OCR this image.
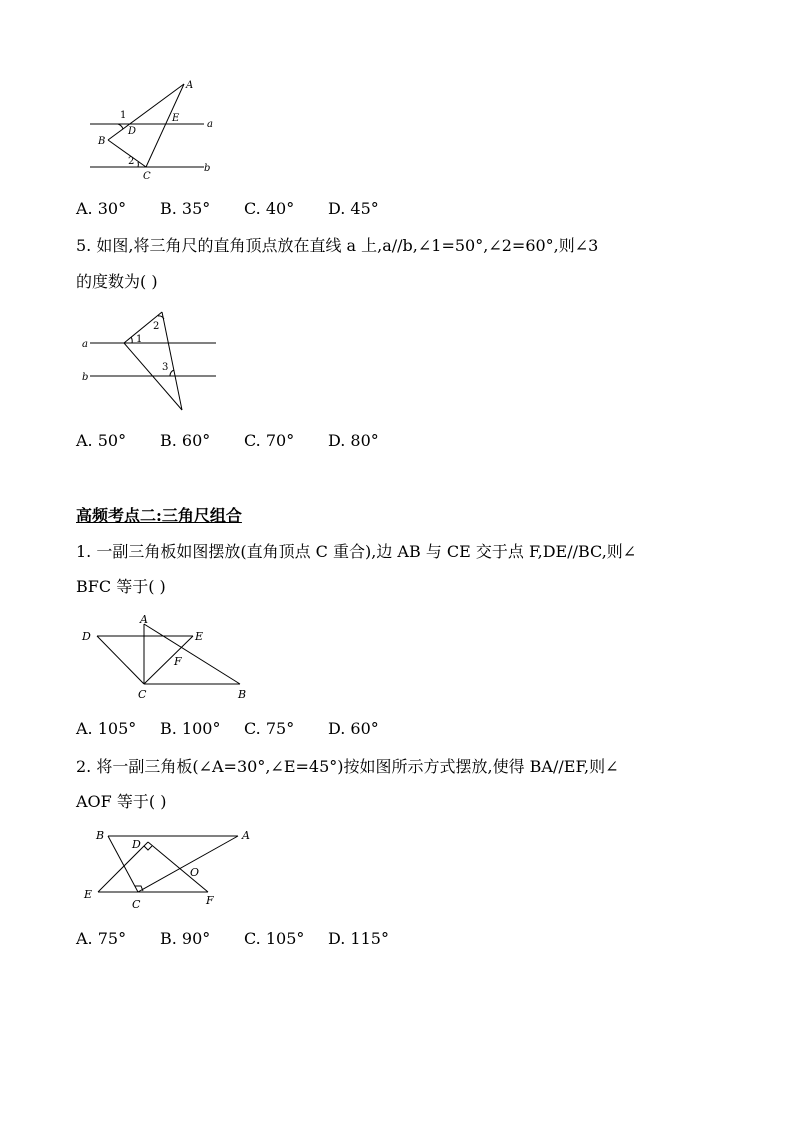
A
E
a
1
D
B
2
C
b
A. 30° B. 35° C. 40° D. 45°
5. 如图,将三角尺的直角顶点放在直线 a 上,a//b,∠1=50°,∠2=60°,则∠3
的度数为( )
a
b
1
2
3
A. 50° B. 60° C. 70° D. 80°
高频考点二:三角尺组合
1. 一副三角板如图摆放(直角顶点 C 重合),边 AB 与 CE 交于点 F,DE//BC,则∠
BFC 等于( )
A
D	E
F
C	B
A. 105° B. 100° C. 75° D. 60°
2. 将一副三角板(∠A=30°,∠E=45°)按如图所示方式摆放,使得 BA//EF,则∠
AOF 等于( )
B	A
D
O
E
C	F
A. 75° B. 90° C. 105° D. 115°
